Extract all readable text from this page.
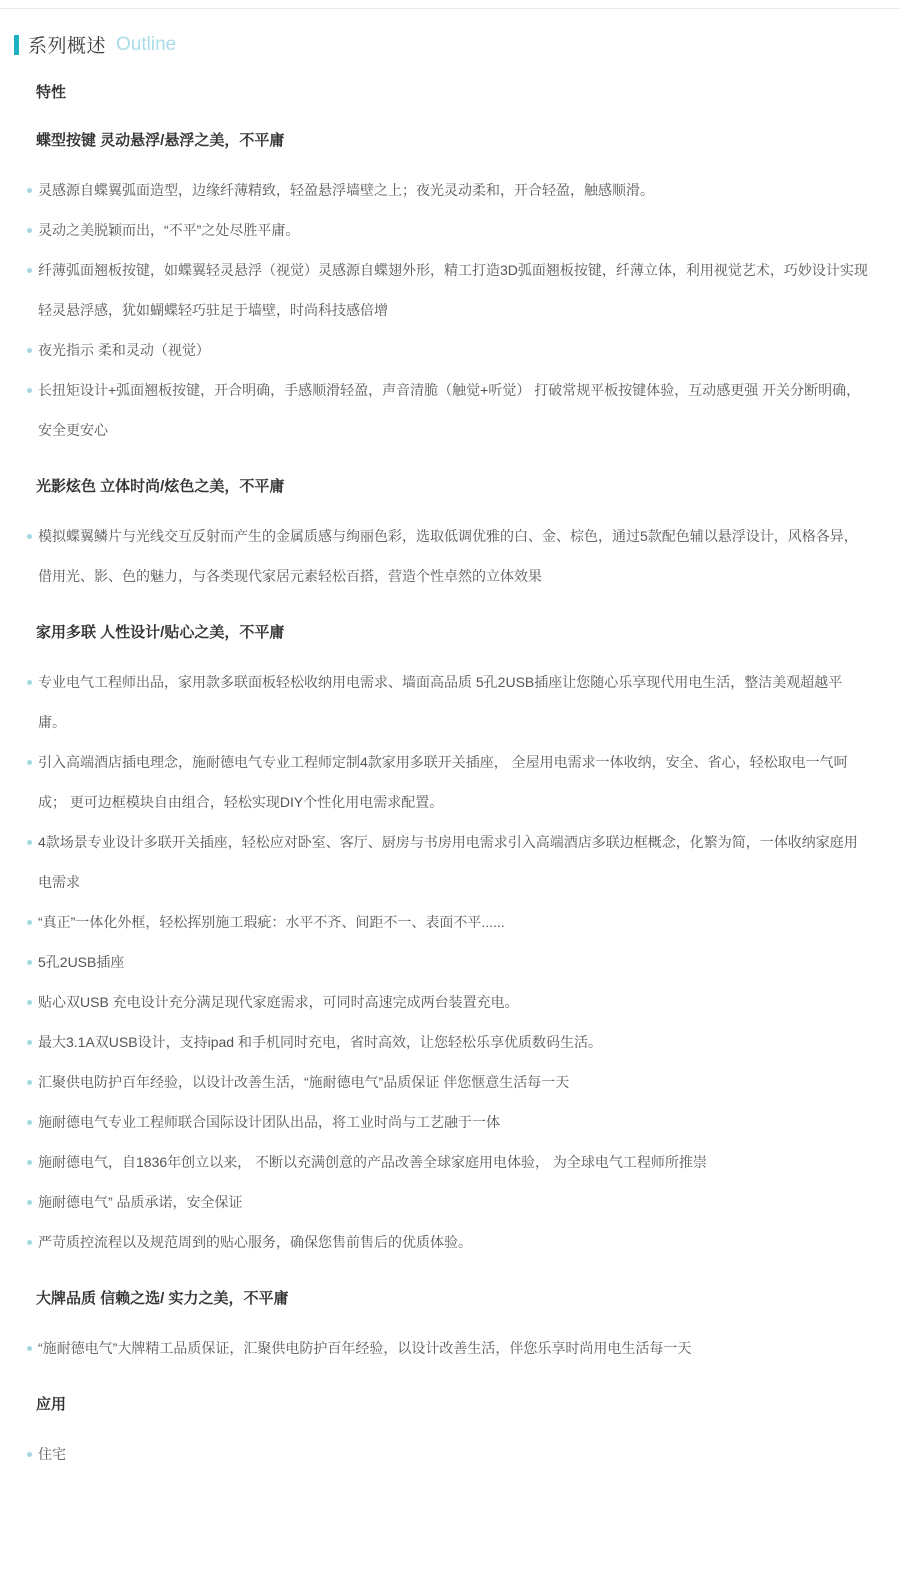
系列概述 Outline
特性
蝶型按键 灵动悬浮/悬浮之美，不平庸
灵感源自蝶翼弧面造型，边缘纤薄精致，轻盈悬浮墙壁之上；夜光灵动柔和，开合轻盈，触感顺滑。
灵动之美脱颖而出，“不平”之处尽胜平庸。
纤薄弧面翘板按键，如蝶翼轻灵悬浮（视觉）灵感源自蝶翅外形，精工打造3D弧面翘板按键，纤薄立体，利用视觉艺术，巧妙设计实现轻灵悬浮感，犹如蝴蝶轻巧驻足于墙壁，时尚科技感倍增
夜光指示 柔和灵动（视觉）
长扭矩设计+弧面翘板按键，开合明确，手感顺滑轻盈，声音清脆（触觉+听觉） 打破常规平板按键体验，互动感更强 开关分断明确，安全更安心
光影炫色 立体时尚/炫色之美，不平庸
模拟蝶翼鳞片与光线交互反射而产生的金属质感与绚丽色彩，选取低调优雅的白、金、棕色，通过5款配色辅以悬浮设计，风格各异，借用光、影、色的魅力，与各类现代家居元素轻松百搭，营造个性卓然的立体效果
家用多联 人性设计/贴心之美，不平庸
专业电气工程师出品，家用款多联面板轻松收纳用电需求、墙面高品质 5孔2USB插座让您随心乐享现代用电生活，整洁美观超越平庸。
引入高端酒店插电理念，施耐德电气专业工程师定制4款家用多联开关插座， 全屋用电需求一体收纳，安全、省心，轻松取电一气呵成； 更可边框模块自由组合，轻松实现DIY个性化用电需求配置。
4款场景专业设计多联开关插座，轻松应对卧室、客厅、厨房与书房用电需求引入高端酒店多联边框概念，化繁为简，一体收纳家庭用电需求
“真正”一体化外框，轻松挥别施工瑕疵：水平不齐、间距不一、表面不平......
5孔2USB插座
贴心双USB 充电设计充分满足现代家庭需求，可同时高速完成两台装置充电。
最大3.1A双USB设计，支持ipad 和手机同时充电，省时高效，让您轻松乐享优质数码生活。
汇聚供电防护百年经验，以设计改善生活，“施耐德电气”品质保证 伴您惬意生活每一天
施耐德电气专业工程师联合国际设计团队出品，将工业时尚与工艺融于一体
施耐德电气，自1836年创立以来， 不断以充满创意的产品改善全球家庭用电体验， 为全球电气工程师所推崇
施耐德电气” 品质承诺，安全保证
严苛质控流程以及规范周到的贴心服务，确保您售前售后的优质体验。
大牌品质 信赖之选/ 实力之美，不平庸
“施耐德电气”大牌精工品质保证，汇聚供电防护百年经验，以设计改善生活，伴您乐享时尚用电生活每一天
应用
住宅
